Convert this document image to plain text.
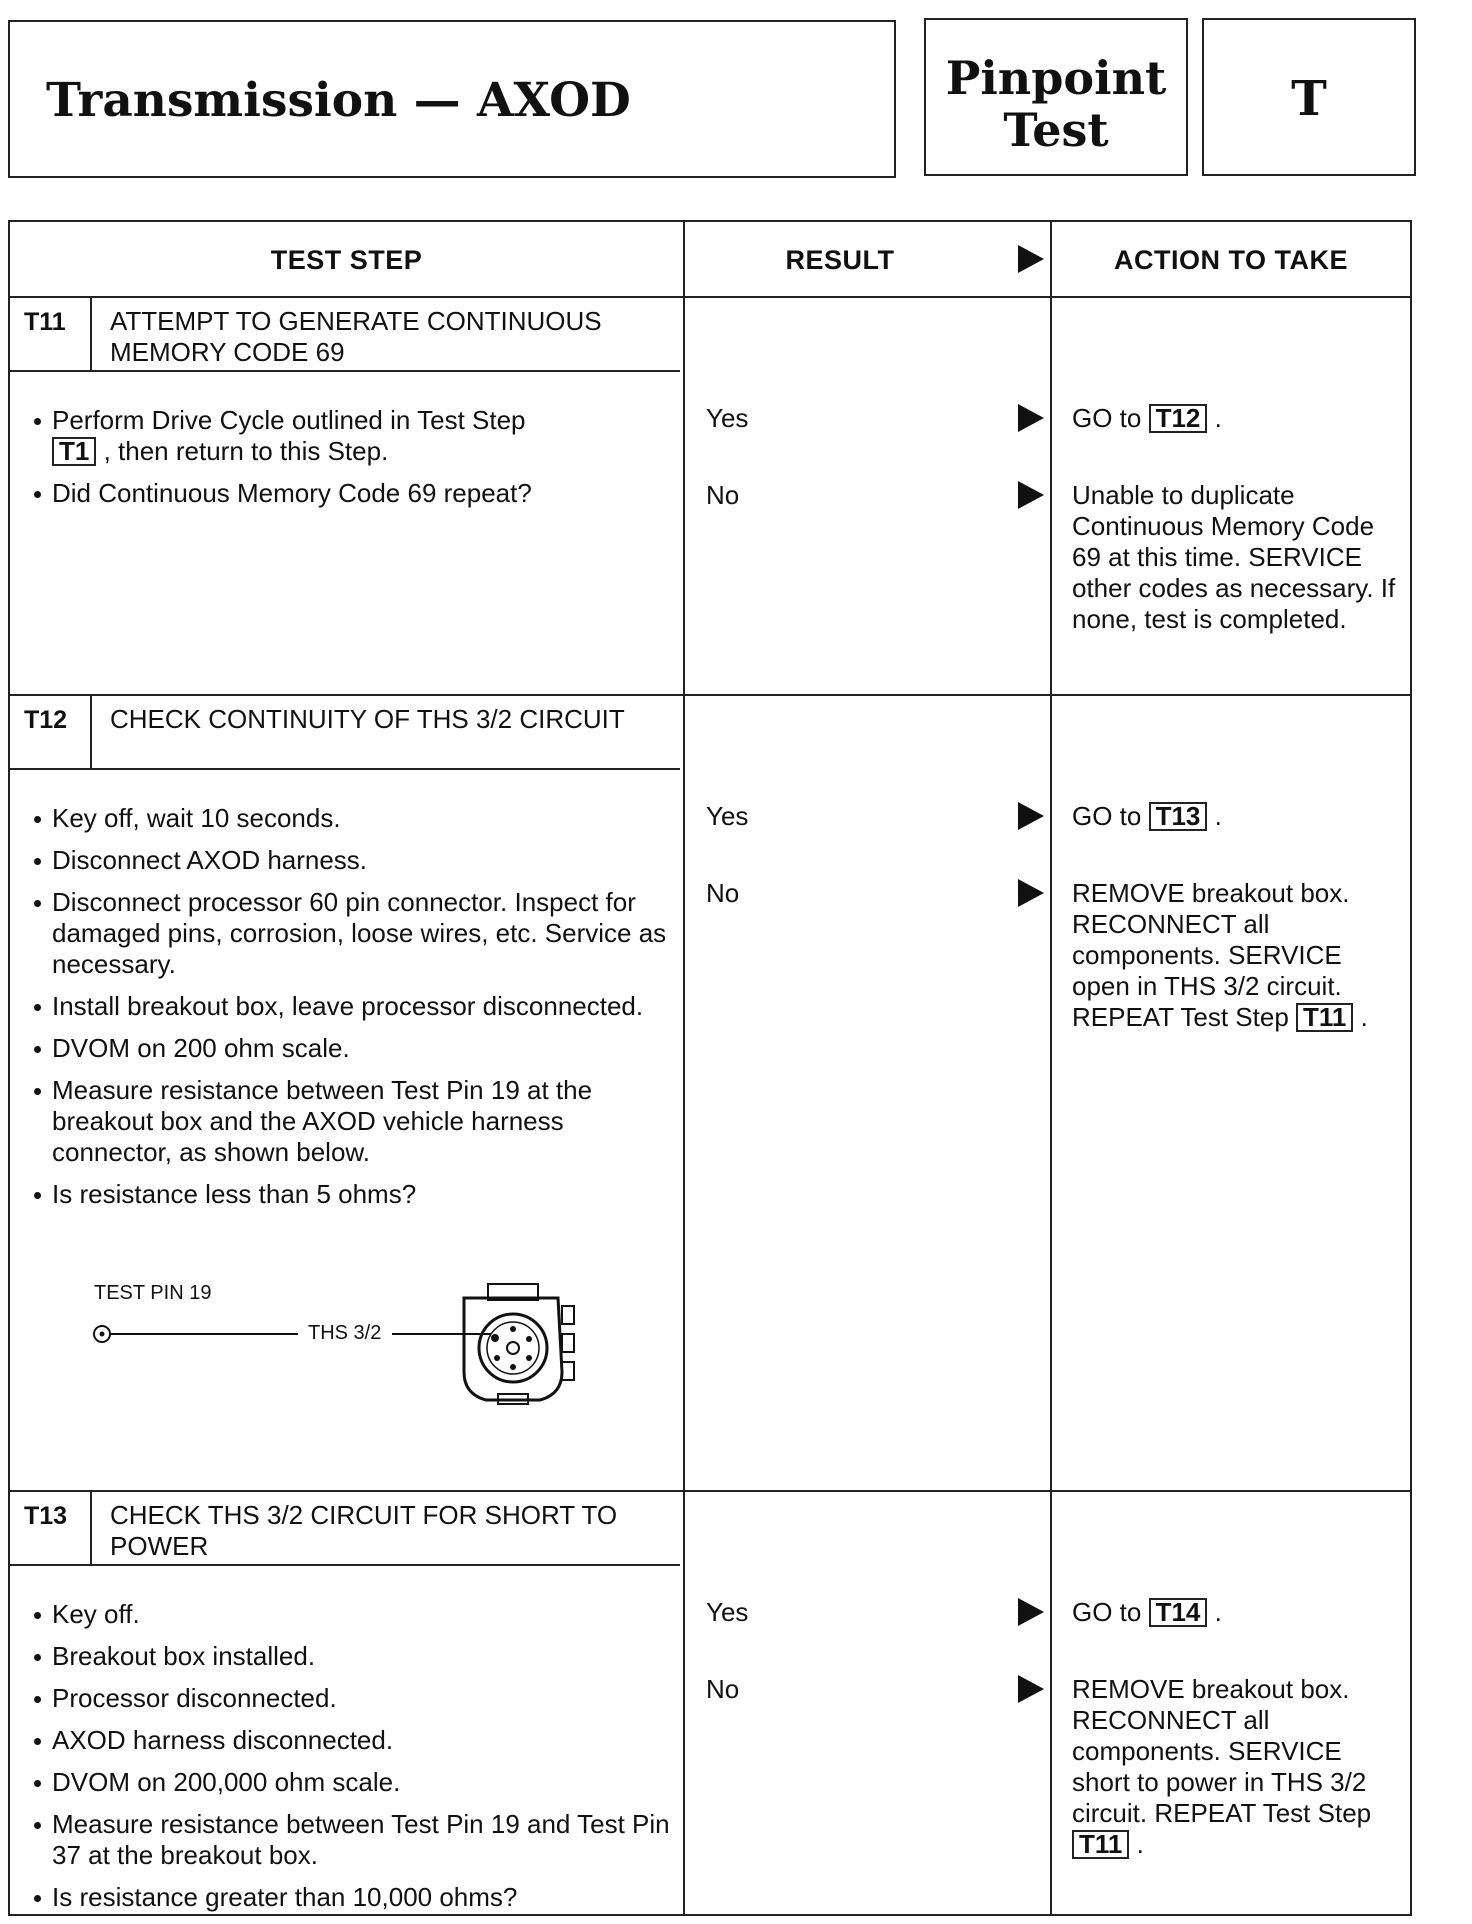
Transmission — AXOD	Pinpoint
Test
T
TEST STEP	RESULT	ACTION TO TAKE
T11	ATTEMPT TO GENERATE CONTINUOUS MEMORY CODE 69
Perform Drive Cycle outlined in Test Step
T1 , then return to this Step.
Did Continuous Memory Code 69 repeat?
Yes	GO to T12 .
No	Unable to duplicate Continuous Memory Code 69 at this time. SERVICE other codes as necessary. If none, test is completed.
T12	CHECK CONTINUITY OF THS 3/2 CIRCUIT
Key off, wait 10 seconds.
Disconnect AXOD harness.
Disconnect processor 60 pin connector. Inspect for damaged pins, corrosion, loose wires, etc. Service as necessary.
Install breakout box, leave processor disconnected.
DVOM on 200 ohm scale.
Measure resistance between Test Pin 19 at the breakout box and the AXOD vehicle harness connector, as shown below.
Is resistance less than 5 ohms?
TEST PIN 19
THS 3/2
Yes	GO to T13 .
No	REMOVE breakout box. RECONNECT all components. SERVICE open in THS 3/2 circuit. REPEAT Test Step T11 .
T13	CHECK THS 3/2 CIRCUIT FOR SHORT TO POWER
Key off.
Breakout box installed.
Processor disconnected.
AXOD harness disconnected.
DVOM on 200,000 ohm scale.
Measure resistance between Test Pin 19 and Test Pin 37 at the breakout box.
Is resistance greater than 10,000 ohms?
Yes	GO to T14 .
No	REMOVE breakout box. RECONNECT all components. SERVICE short to power in THS 3/2 circuit. REPEAT Test Step T11 .
